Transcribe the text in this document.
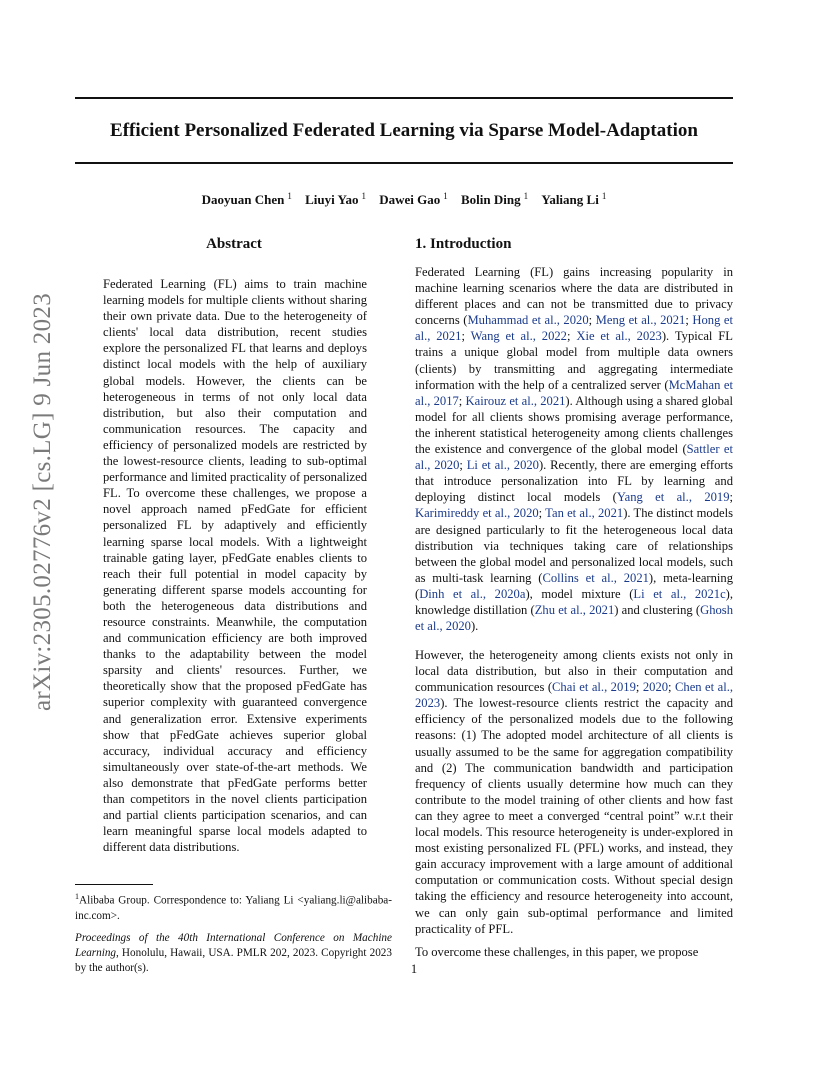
Efficient Personalized Federated Learning via Sparse Model-Adaptation
Daoyuan Chen $^1$ Liuyi Yao $^1$ Dawei Gao $^1$ Bolin Ding $^1$ Yaliang Li $^1$
arXiv:2305.02776v2 [cs.LG] 9 Jun 2023
Abstract
Federated Learning (FL) aims to train machine learning models for multiple clients without sharing their own private data. Due to the heterogeneity of clients' local data distribution, recent studies explore the personalized FL that learns and deploys distinct local models with the help of auxiliary global models. However, the clients can be heterogeneous in terms of not only local data distribution, but also their computation and communication resources. The capacity and efficiency of personalized models are restricted by the lowest-resource clients, leading to sub-optimal performance and limited practicality of personalized FL. To overcome these challenges, we propose a novel approach named pFedGate for efficient personalized FL by adaptively and efficiently learning sparse local models. With a lightweight trainable gating layer, pFedGate enables clients to reach their full potential in model capacity by generating different sparse models accounting for both the heterogeneous data distributions and resource constraints. Meanwhile, the computation and communication efficiency are both improved thanks to the adaptability between the model sparsity and clients' resources. Further, we theoretically show that the proposed pFedGate has superior complexity with guaranteed convergence and generalization error. Extensive experiments show that pFedGate achieves superior global accuracy, individual accuracy and efficiency simultaneously over state-of-the-art methods. We also demonstrate that pFedGate performs better than competitors in the novel clients participation and partial clients participation scenarios, and can learn meaningful sparse local models adapted to different data distributions.
1. Introduction
Federated Learning (FL) gains increasing popularity in machine learning scenarios where the data are distributed in different places and can not be transmitted due to privacy concerns (Muhammad et al., 2020; Meng et al., 2021; Hong et al., 2021; Wang et al., 2022; Xie et al., 2023). Typical FL trains a unique global model from multiple data owners (clients) by transmitting and aggregating intermediate information with the help of a centralized server (McMahan et al., 2017; Kairouz et al., 2021). Although using a shared global model for all clients shows promising average performance, the inherent statistical heterogeneity among clients challenges the existence and convergence of the global model (Sattler et al., 2020; Li et al., 2020). Recently, there are emerging efforts that introduce personalization into FL by learning and deploying distinct local models (Yang et al., 2019; Karimireddy et al., 2020; Tan et al., 2021). The distinct models are designed particularly to fit the heterogeneous local data distribution via techniques taking care of relationships between the global model and personalized local models, such as multi-task learning (Collins et al., 2021), meta-learning (Dinh et al., 2020a), model mixture (Li et al., 2021c), knowledge distillation (Zhu et al., 2021) and clustering (Ghosh et al., 2020).
However, the heterogeneity among clients exists not only in local data distribution, but also in their computation and communication resources (Chai et al., 2019; 2020; Chen et al., 2023). The lowest-resource clients restrict the capacity and efficiency of the personalized models due to the following reasons: (1) The adopted model architecture of all clients is usually assumed to be the same for aggregation compatibility and (2) The communication bandwidth and participation frequency of clients usually determine how much can they contribute to the model training of other clients and how fast can they agree to meet a converged “central point” w.r.t their local models. This resource heterogeneity is under-explored in most existing personalized FL (PFL) works, and instead, they gain accuracy improvement with a large amount of additional computation or communication costs. Without special design taking the efficiency and resource heterogeneity into account, we can only gain sub-optimal performance and limited practicality of PFL.
To overcome these challenges, in this paper, we propose
$^1$Alibaba Group. Correspondence to: Yaliang Li <yaliang.li@alibaba-inc.com>.
Proceedings of the 40th International Conference on Machine Learning, Honolulu, Hawaii, USA. PMLR 202, 2023. Copyright 2023 by the author(s).	1
